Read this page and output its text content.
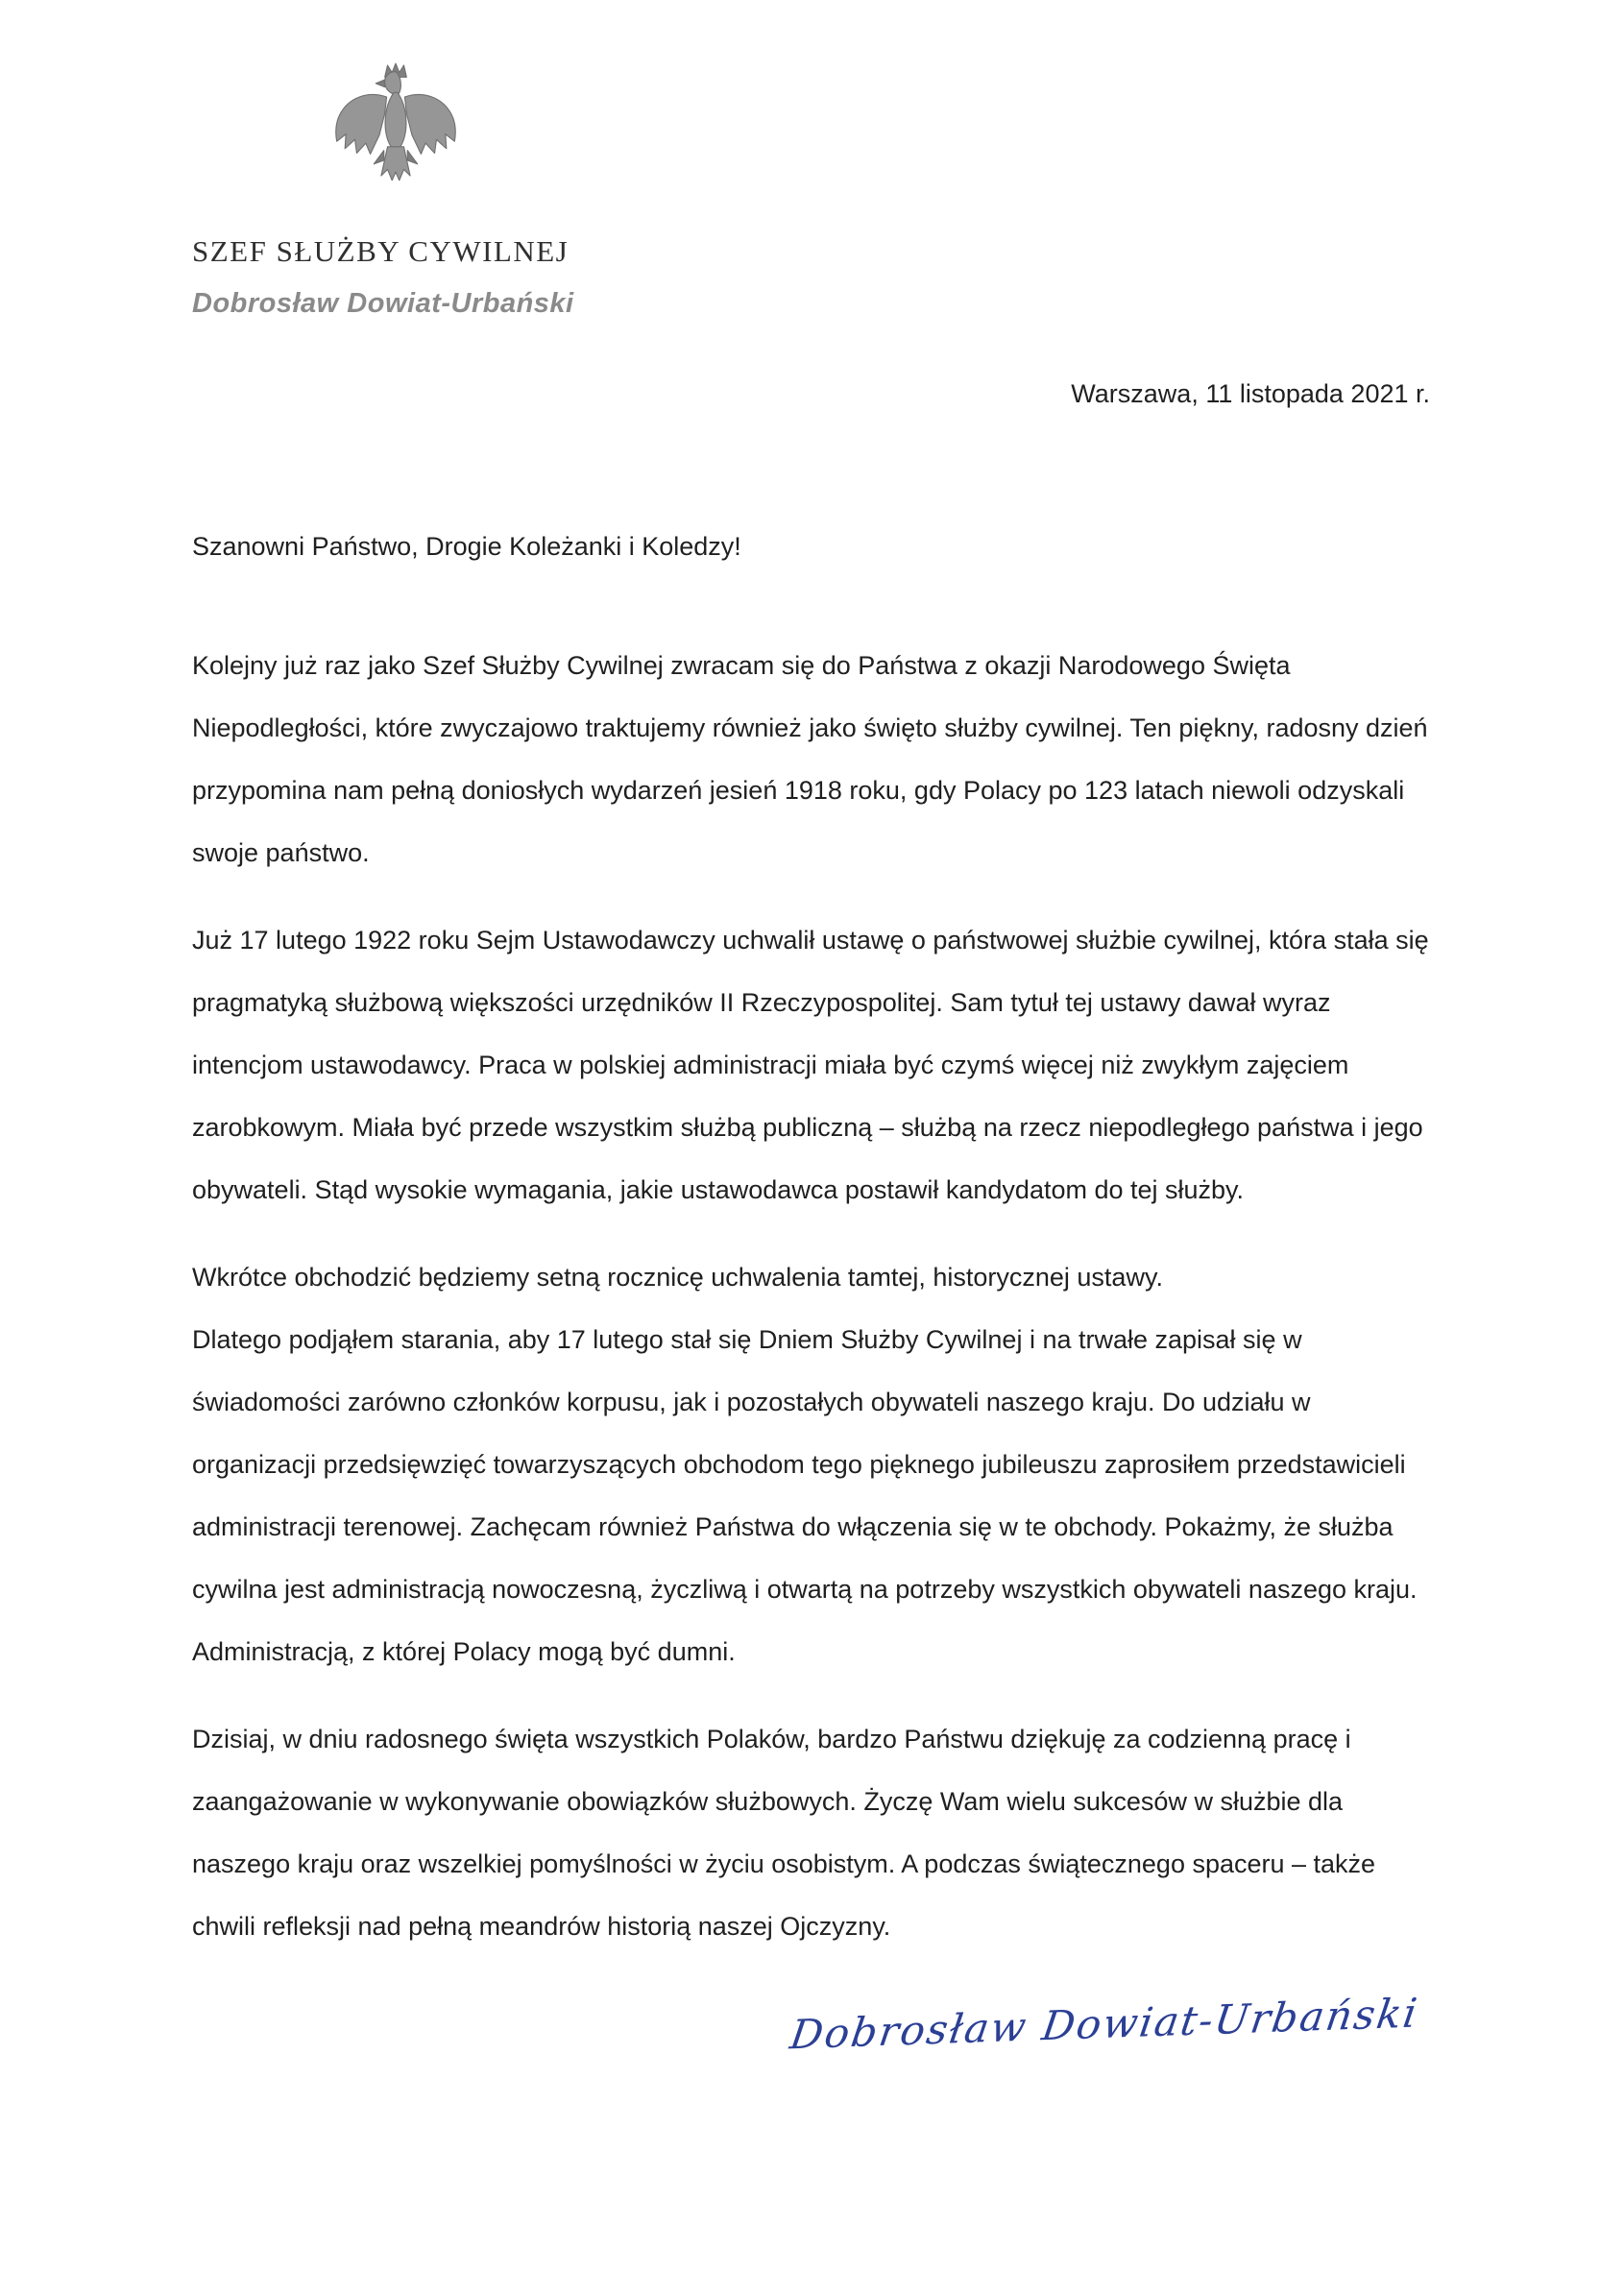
SZEF SŁUŻBY CYWILNEJ
Dobrosław Dowiat-Urbański
Warszawa, 11 listopada 2021 r.
Szanowni Państwo, Drogie Koleżanki i Koledzy!

Kolejny już raz jako Szef Służby Cywilnej zwracam się do Państwa z okazji Narodowego Święta Niepodległości, które zwyczajowo traktujemy również jako święto służby cywilnej. Ten piękny, radosny dzień przypomina nam pełną doniosłych wydarzeń jesień 1918 roku, gdy Polacy po 123 latach niewoli odzyskali swoje państwo.

Już 17 lutego 1922 roku Sejm Ustawodawczy uchwalił ustawę o państwowej służbie cywilnej, która stała się pragmatyką służbową większości urzędników II Rzeczypospolitej. Sam tytuł tej ustawy dawał wyraz intencjom ustawodawcy. Praca w polskiej administracji miała być czymś więcej niż zwykłym zajęciem zarobkowym. Miała być przede wszystkim służbą publiczną – służbą na rzecz niepodległego państwa i jego obywateli. Stąd wysokie wymagania, jakie ustawodawca postawił kandydatom do tej służby.

Wkrótce obchodzić będziemy setną rocznicę uchwalenia tamtej, historycznej ustawy.

Dlatego podjąłem starania, aby 17 lutego stał się Dniem Służby Cywilnej i na trwałe zapisał się w świadomości zarówno członków korpusu, jak i pozostałych obywateli naszego kraju. Do udziału w organizacji przedsięwzięć towarzyszących obchodom tego pięknego jubileuszu zaprosiłem przedstawicieli administracji terenowej. Zachęcam również Państwa do włączenia się w te obchody. Pokażmy, że służba cywilna jest administracją nowoczesną, życzliwą i otwartą na potrzeby wszystkich obywateli naszego kraju. Administracją, z której Polacy mogą być dumni.

Dzisiaj, w dniu radosnego święta wszystkich Polaków, bardzo Państwu dziękuję za codzienną pracę i zaangażowanie w wykonywanie obowiązków służbowych. Życzę Wam wielu sukcesów w służbie dla naszego kraju oraz wszelkiej pomyślności w życiu osobistym. A podczas świątecznego spaceru – także chwili refleksji nad pełną meandrów historią naszej Ojczyzny.

Dobrosław Dowiat-Urbański
